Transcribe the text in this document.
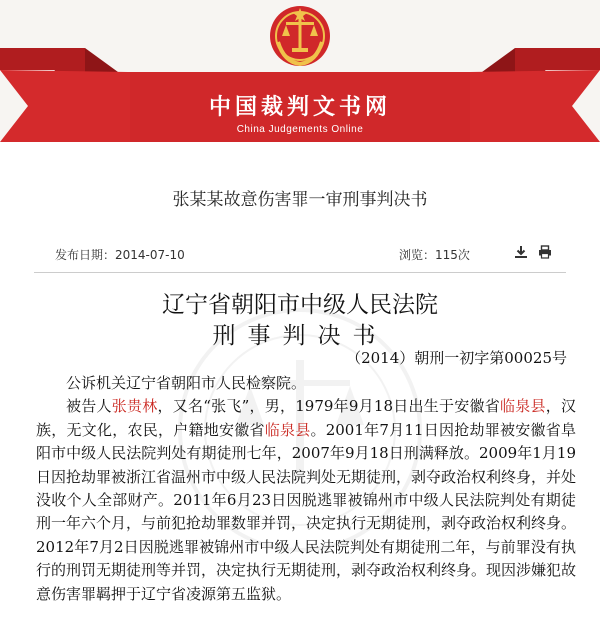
中国裁判文书网
China Judgements Online
张某某故意伤害罪一审刑事判决书
发布日期：2014-07-10	浏览：115次
辽宁省朝阳市中级人民法院
刑事判决书
（2014）朝刑一初字第00025号

公诉机关辽宁省朝阳市人民检察院。

被告人张贵林，又名“张飞”，男，1979年9月18日出生于安徽省临泉县，汉族，无文化，农民，户籍地安徽省临泉县。2001年7月11日因抢劫罪被安徽省阜阳市中级人民法院判处有期徒刑七年，2007年9月18日刑满释放。2009年1月19日因抢劫罪被浙江省温州市中级人民法院判处无期徒刑，剥夺政治权利终身，并处没收个人全部财产。2011年6月23日因脱逃罪被锦州市中级人民法院判处有期徒刑一年六个月，与前犯抢劫罪数罪并罚，决定执行无期徒刑，剥夺政治权利终身。2012年7月2日因脱逃罪被锦州市中级人民法院判处有期徒刑二年，与前罪没有执行的刑罚无期徒刑等并罚，决定执行无期徒刑，剥夺政治权利终身。现因涉嫌犯故意伤害罪羁押于辽宁省凌源第五监狱。
